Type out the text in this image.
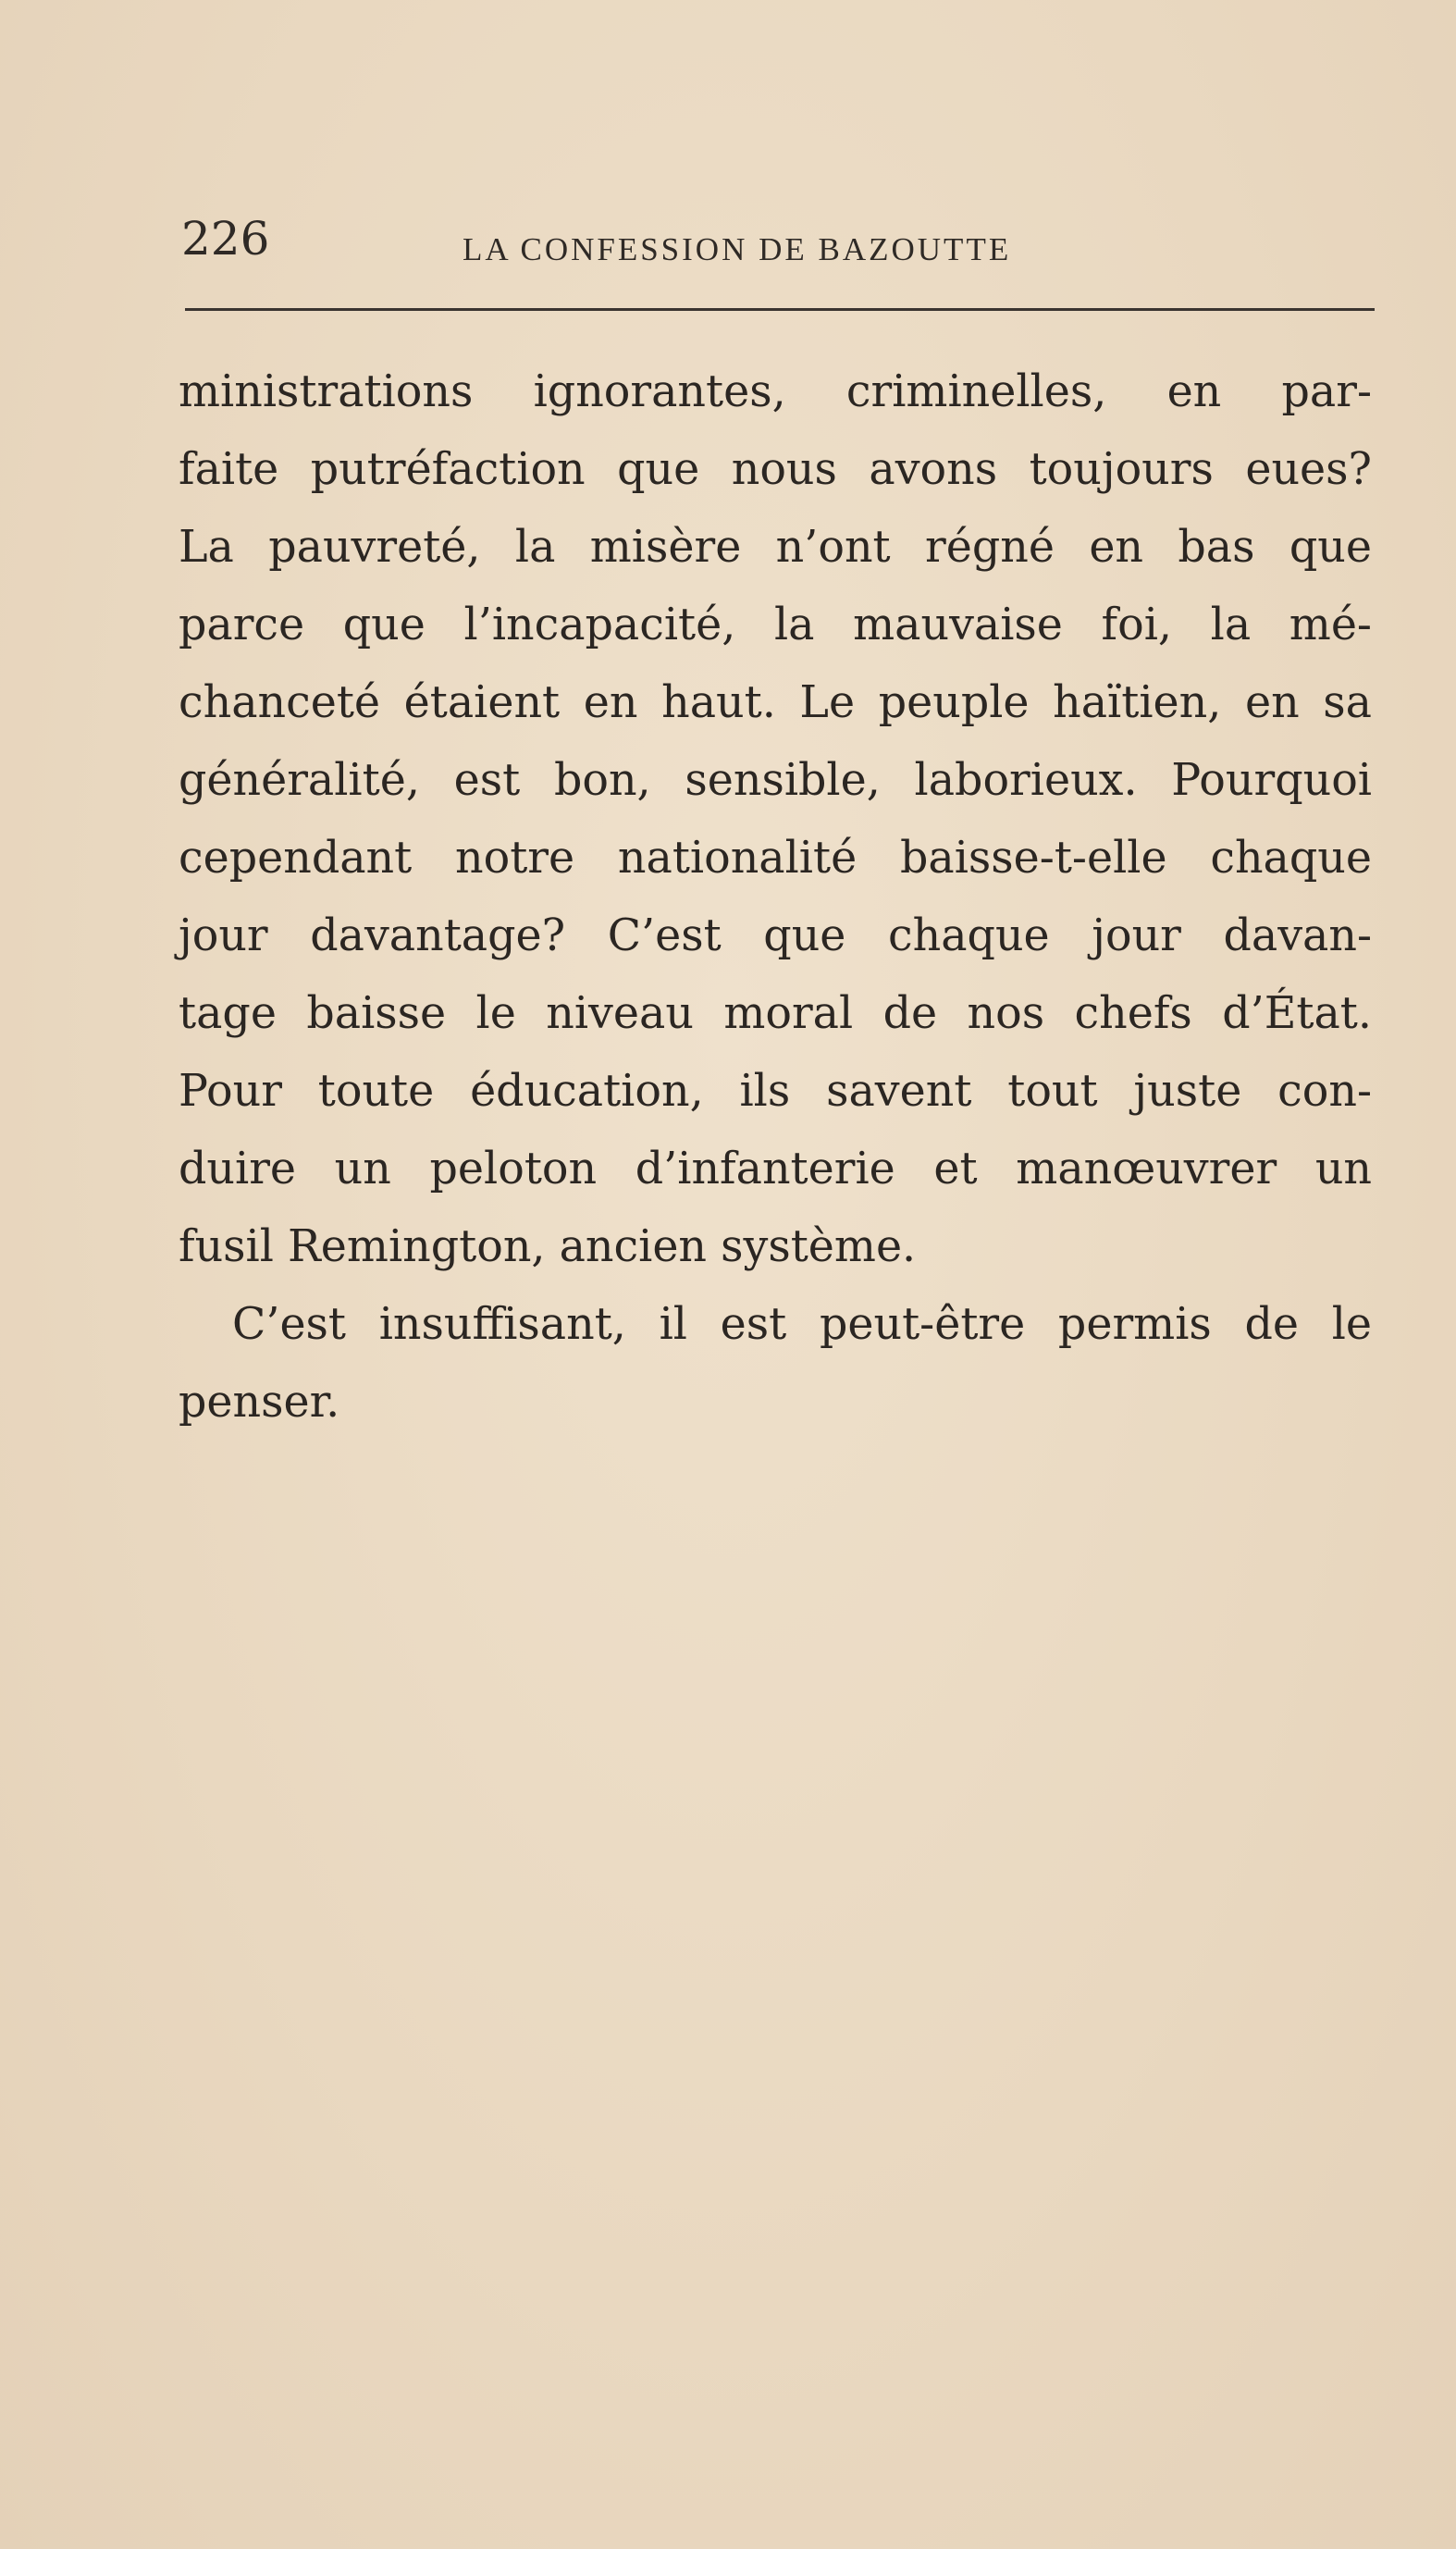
226	LA CONFESSION DE BAZOUTTE
ministrations ignorantes, criminelles, en par-
faite putréfaction que nous avons toujours eues?
La pauvreté, la misère n’ont régné en bas que
parce que l’incapacité, la mauvaise foi, la mé-
chanceté étaient en haut. Le peuple haïtien, en sa
généralité, est bon, sensible, laborieux. Pourquoi
cependant notre nationalité baisse-t-elle chaque
jour davantage? C’est que chaque jour davan-
tage baisse le niveau moral de nos chefs d’État.
Pour toute éducation, ils savent tout juste con-
duire un peloton d’infanterie et manœuvrer un
fusil Remington, ancien système.
C’est insuffisant, il est peut-être permis de le
penser.
